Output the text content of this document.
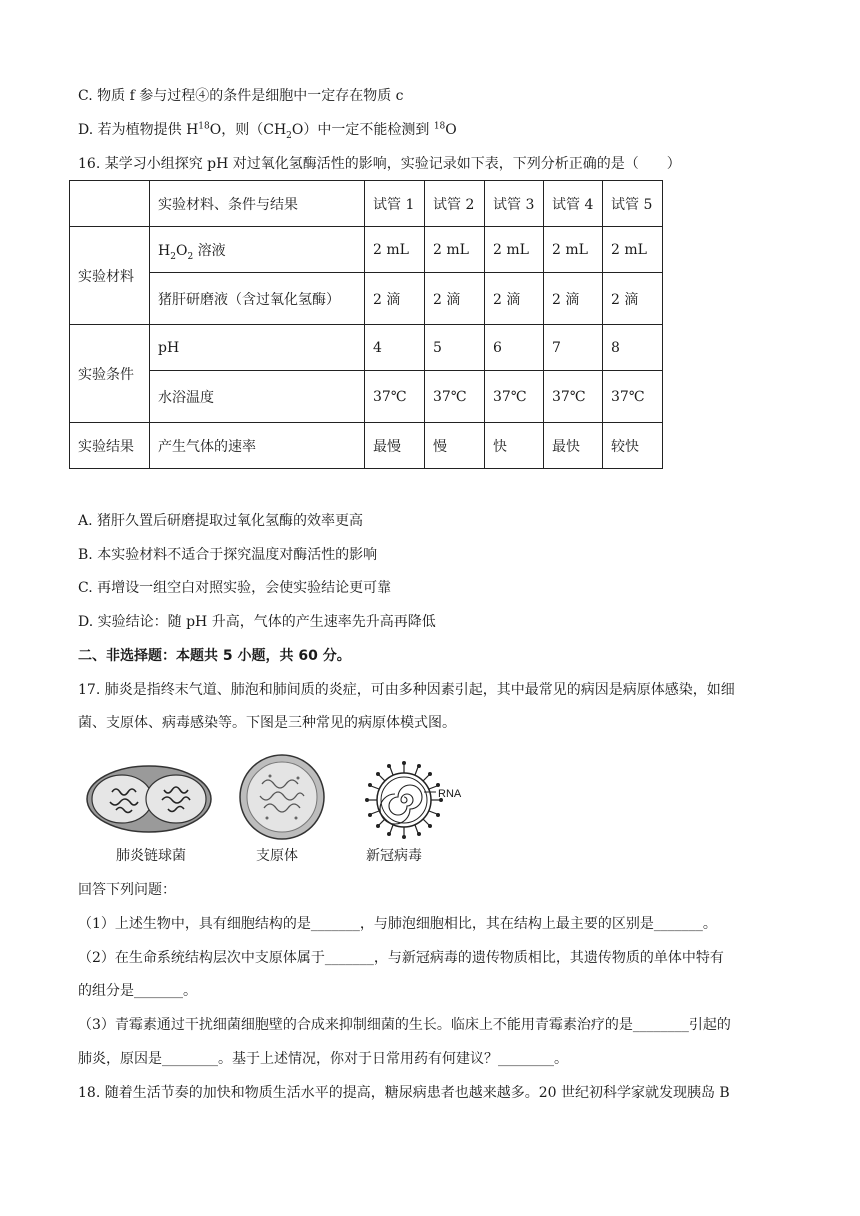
C. 物质 f 参与过程④的条件是细胞中一定存在物质 c
D. 若为植物提供 $H^{18}O$，则$(CH_2O)$中一定不能检测到 $^{18}$O
16. 某学习小组探究 pH 对过氧化氢酶活性的影响，实验记录如下表，下列分析正确的是（　　）
	实验材料、条件与结果	试管 1	试管 2	试管 3	试管 4	试管 5
实验材料	$H_2O_2$ 溶液	2 mL	2 mL	2 mL	2 mL	2 mL
	猪肝研磨液（含过氧化氢酶）	2 滴	2 滴	2 滴	2 滴	2 滴
实验条件	pH	4	5	6	7	8
	水浴温度	37℃	37℃	37℃	37℃	37℃
实验结果	产生气体的速率	最慢	慢	快	最快	较快
A. 猪肝久置后研磨提取过氧化氢酶的效率更高
B. 本实验材料不适合于探究温度对酶活性的影响
C. 再增设一组空白对照实验，会使实验结论更可靠
D. 实验结论：随 pH 升高，气体的产生速率先升高再降低
二、非选择题：本题共 5 小题，共 60 分。
17. 肺炎是指终末气道、肺泡和肺间质的炎症，可由多种因素引起，其中最常见的病因是病原体感染，如细
菌、支原体、病毒感染等。下图是三种常见的病原体模式图。
RNA
肺炎链球菌	支原体	新冠病毒
回答下列问题：
（1）上述生物中，具有细胞结构的是_______，与肺泡细胞相比，其在结构上最主要的区别是_______。
（2）在生命系统结构层次中支原体属于_______，与新冠病毒的遗传物质相比，其遗传物质的单体中特有
的组分是_______。
（3）青霉素通过干扰细菌细胞壁的合成来抑制细菌的生长。临床上不能用青霉素治疗的是________引起的
肺炎，原因是________。基于上述情况，你对于日常用药有何建议？________。
18. 随着生活节奏的加快和物质生活水平的提高，糖尿病患者也越来越多。20 世纪初科学家就发现胰岛 B
